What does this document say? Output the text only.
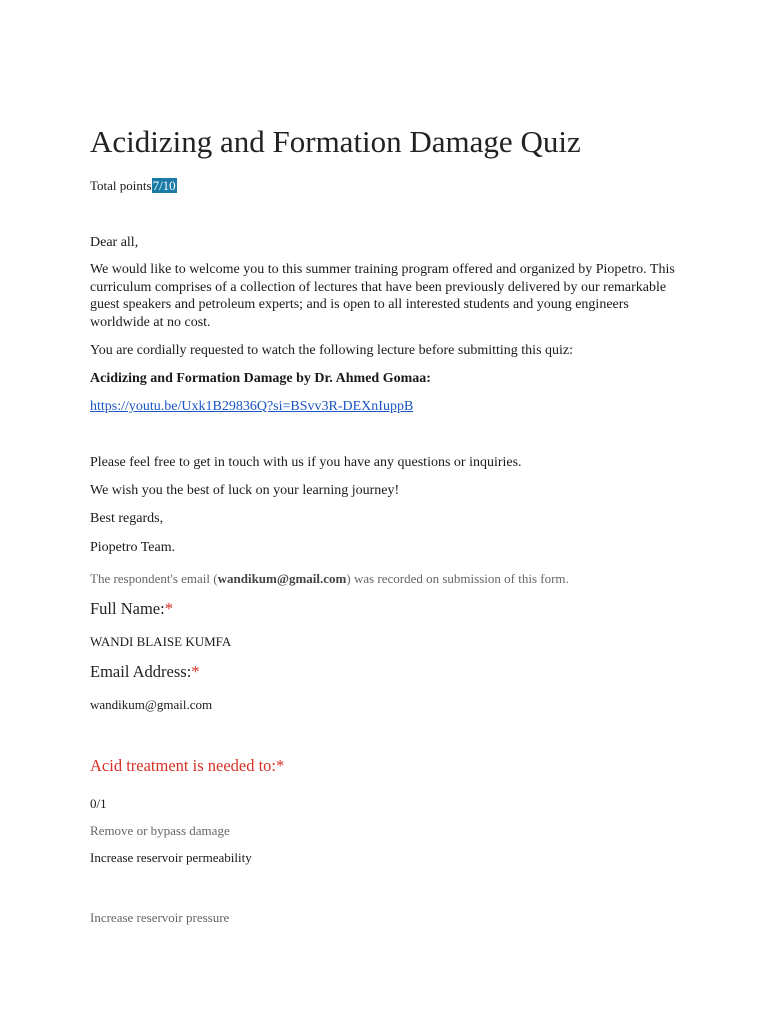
Acidizing and Formation Damage Quiz
Total points7/10
Dear all,
We would like to welcome you to this summer training program offered and organized by Piopetro. This curriculum comprises of a collection of lectures that have been previously delivered by our remarkable guest speakers and petroleum experts; and is open to all interested students and young engineers worldwide at no cost.
You are cordially requested to watch the following lecture before submitting this quiz:
Acidizing and Formation Damage by Dr. Ahmed Gomaa:
https://youtu.be/Uxk1B29836Q?si=BSvv3R-DEXnIuppB
Please feel free to get in touch with us if you have any questions or inquiries.
We wish you the best of luck on your learning journey!
Best regards,
Piopetro Team.
The respondent's email (wandikum@gmail.com) was recorded on submission of this form.
Full Name:*
WANDI BLAISE KUMFA
Email Address:*
wandikum@gmail.com
Acid treatment is needed to:*
0/1
Remove or bypass damage
Increase reservoir permeability
Increase reservoir pressure
